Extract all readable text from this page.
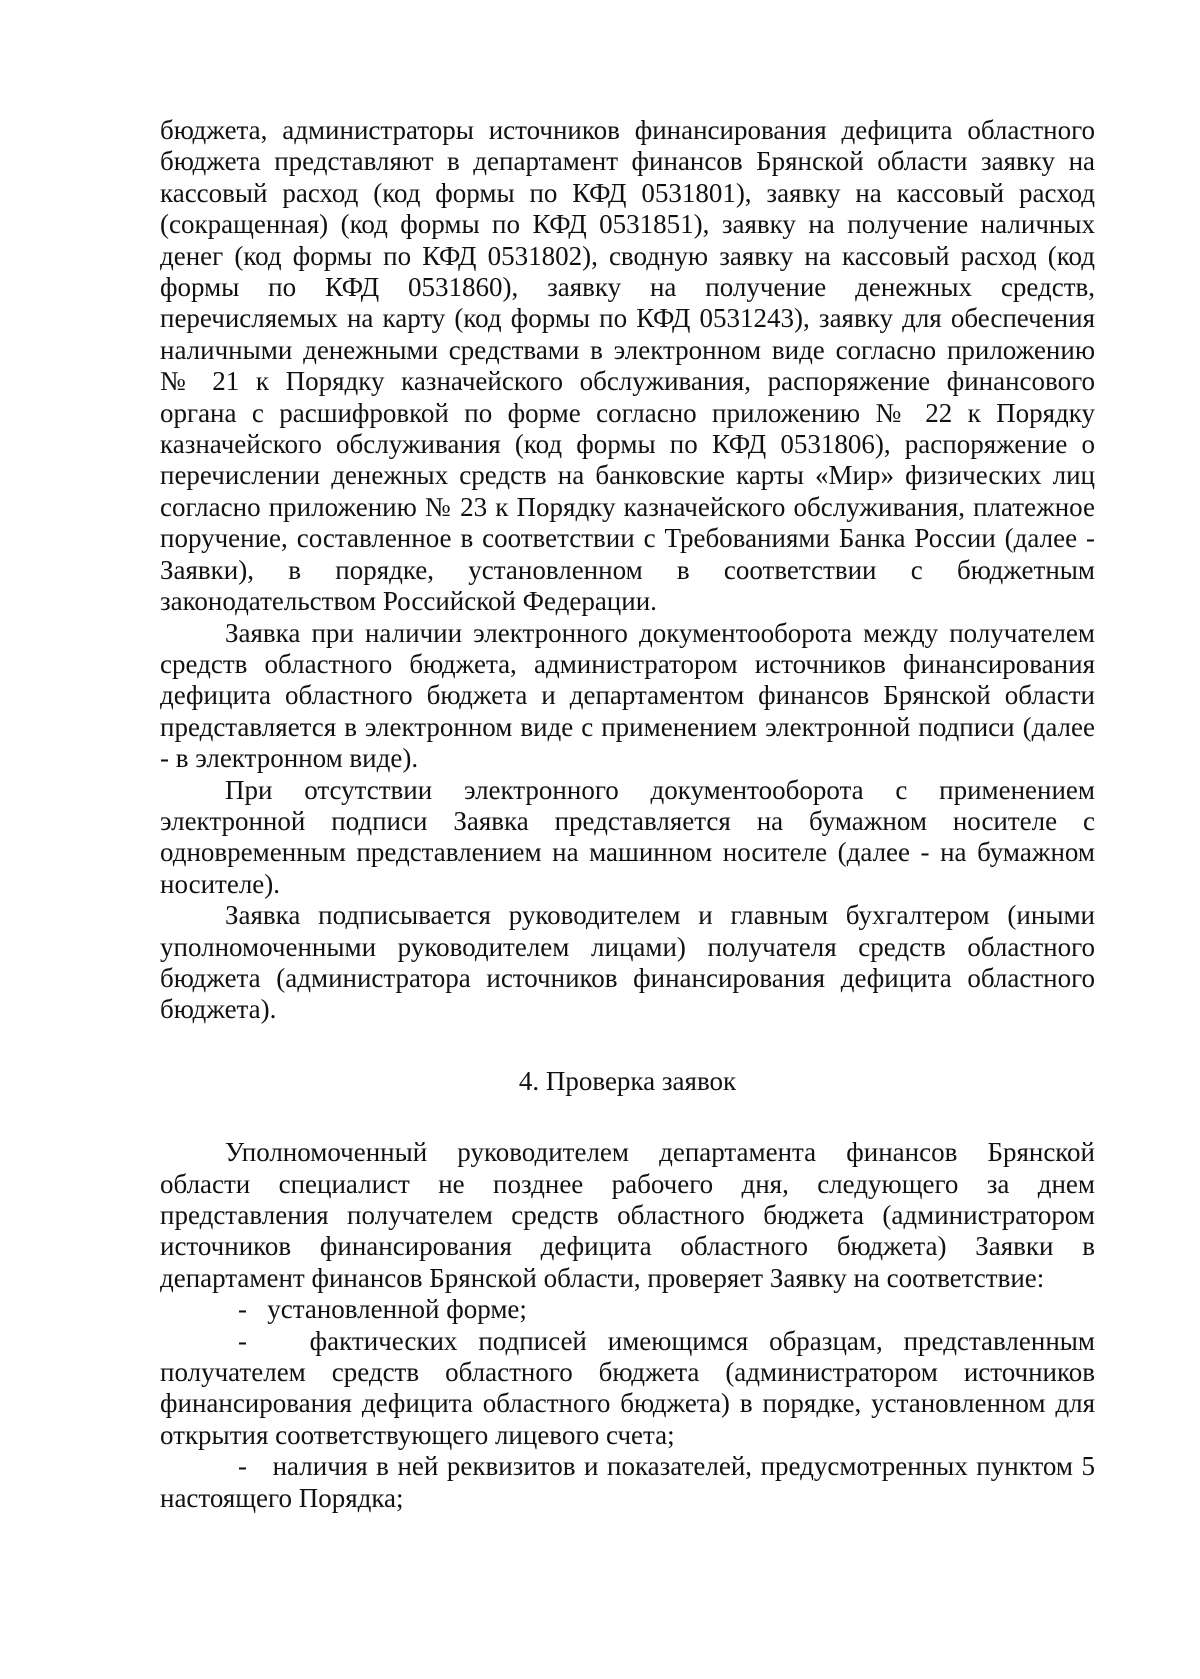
бюджета, администраторы источников финансирования дефицита областного бюджета представляют в департамент финансов Брянской области заявку на кассовый расход (код формы по КФД 0531801), заявку на кассовый расход (сокращенная) (код формы по КФД 0531851), заявку на получение наличных денег (код формы по КФД 0531802), сводную заявку на кассовый расход (код формы по КФД 0531860), заявку на получение денежных средств, перечисляемых на карту (код формы по КФД 0531243), заявку для обеспечения наличными денежными средствами в электронном виде согласно приложению № 21 к Порядку казначейского обслуживания, распоряжение финансового органа с расшифровкой по форме согласно приложению № 22 к Порядку казначейского обслуживания (код формы по КФД 0531806), распоряжение о перечислении денежных средств на банковские карты «Мир» физических лиц согласно приложению № 23 к Порядку казначейского обслуживания, платежное поручение, составленное в соответствии с Требованиями Банка России (далее - Заявки), в порядке, установленном в соответствии с бюджетным законодательством Российской Федерации.

Заявка при наличии электронного документооборота между получателем средств областного бюджета, администратором источников финансирования дефицита областного бюджета и департаментом финансов Брянской области представляется в электронном виде с применением электронной подписи (далее - в электронном виде).

При отсутствии электронного документооборота с применением электронной подписи Заявка представляется на бумажном носителе с одновременным представлением на машинном носителе (далее - на бумажном носителе).

Заявка подписывается руководителем и главным бухгалтером (иными уполномоченными руководителем лицами) получателя средств областного бюджета (администратора источников финансирования дефицита областного бюджета).

4. Проверка заявок

Уполномоченный руководителем департамента финансов Брянской области специалист не позднее рабочего дня, следующего за днем представления получателем средств областного бюджета (администратором источников финансирования дефицита областного бюджета) Заявки в департамент финансов Брянской области, проверяет Заявку на соответствие:

-   установленной форме;

-   фактических подписей имеющимся образцам, представленным получателем средств областного бюджета (администратором источников финансирования дефицита областного бюджета) в порядке, установленном для открытия соответствующего лицевого счета;

-   наличия в ней реквизитов и показателей, предусмотренных пунктом 5 настоящего Порядка;
